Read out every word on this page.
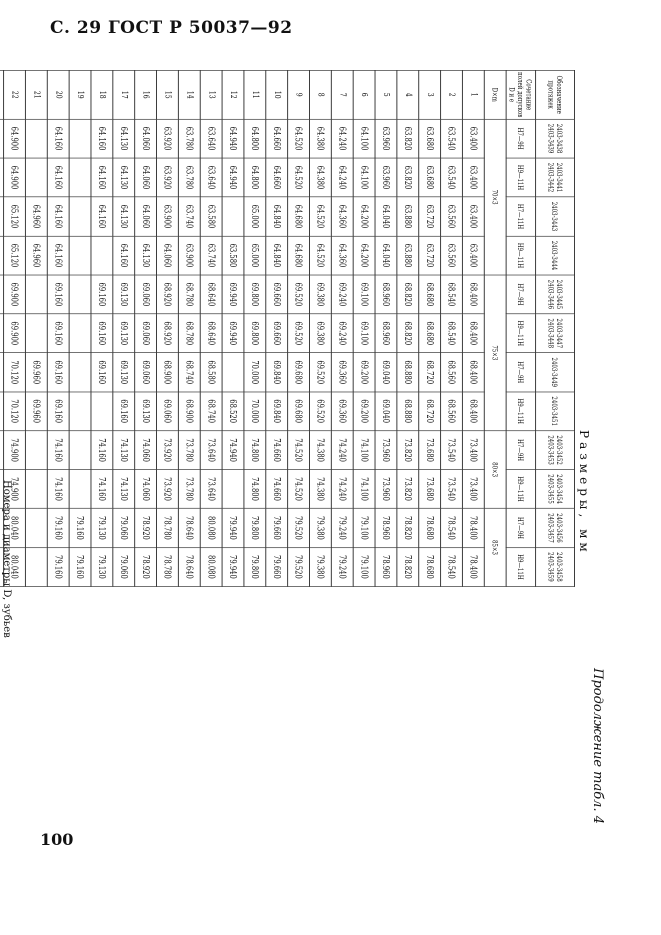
С. 29 ГОСТ Р 50037—92
100
Продолжение табл. 4
Размеры, мм
Обозначение протяжек	2403-3438 2403-3439	2403-3441 2403-3442	2403-3443	2403-3444	2403-3445 2403-3446	2403-3447 2403-3448	2403-3449	2403-3451	2403-3452 2403-3453	2403-3454 2403-3455	2403-3456 2403-3457	2403-3458 2403-3459
Сочетание полей допусков D и e	H7—9H	H9—11H	H7—11H	H9—11H	H7—9H	H9—11H	H7—9H	H9—11H	H7—9H	H9—11H	H7—9H	H9—11H
D×m	70×3				75×3				80×3		85×3	
1	63.400	63.400	63.400	63.400	68.400	68.400	68.400	68.400	73.400	73.400	78.400	78.400
2	63.540	63.540	63.560	63.560	68.540	68.540	68.560	68.560	73.540	73.540	78.540	78.540
3	63.680	63.680	63.720	63.720	68.680	68.680	68.720	68.720	73.680	73.680	78.680	78.680
4	63.820	63.820	63.880	63.880	68.820	68.820	68.880	68.880	73.820	73.820	78.820	78.820
5	63.960	63.960	64.040	64.040	68.960	68.960	69.040	69.040	73.960	73.960	78.960	78.960
6	64.100	64.100	64.200	64.200	69.100	69.100	69.200	69.200	74.100	74.100	79.100	79.100
7	64.240	64.240	64.360	64.360	69.240	69.240	69.360	69.360	74.240	74.240	79.240	79.240
8	64.380	64.380	64.520	64.520	69.380	69.380	69.520	69.520	74.380	74.380	79.380	79.380
9	64.520	64.520	64.680	64.680	69.520	69.520	69.680	69.680	74.520	74.520	79.520	79.520
10	64.660	64.660	64.840	64.840	69.660	69.660	69.840	69.840	74.660	74.660	79.660	79.660
11	64.800	64.800	65.000	65.000	69.800	69.800	70.000	70.000	74.800	74.800	79.800	79.800
12	64.940	64.940		63.580	69.940	69.940		68.520	74.940		79.940	79.940
13	63.640	63.640	63.580	63.740	68.640	68.640	68.580	68.740	73.640	73.640	80.080	80.080
14	63.780	63.780	63.740	63.900	68.780	68.780	68.740	68.900	73.780	73.780	78.640	78.640
15	63.920	63.920	63.900	64.060	68.920	68.920	68.900	69.060	73.920	73.920	78.780	78.780
16	64.060	64.060	64.060	64.130	69.060	69.060	69.060	69.130	74.060	74.060	78.920	78.920
17	64.130	64.130	64.130	64.160	69.130	69.130	69.130	69.160	74.130	74.130	79.060	79.060
18	64.160	64.160	64.160		69.160	69.160	69.160		74.160	74.160	79.130	79.130
19											79.160	79.160
20	64.160	64.160	64.160	64.160	69.160	69.160	69.160	69.160	74.160	74.160	79.160	79.160
21			64.960	64.960			69.960	69.960				
22	64.900	64.900	65.120	65.120	69.900	69.900	70.120	70.120	74.900	74.900	80.040	80.040

Номера и диаметры D, зубьев
